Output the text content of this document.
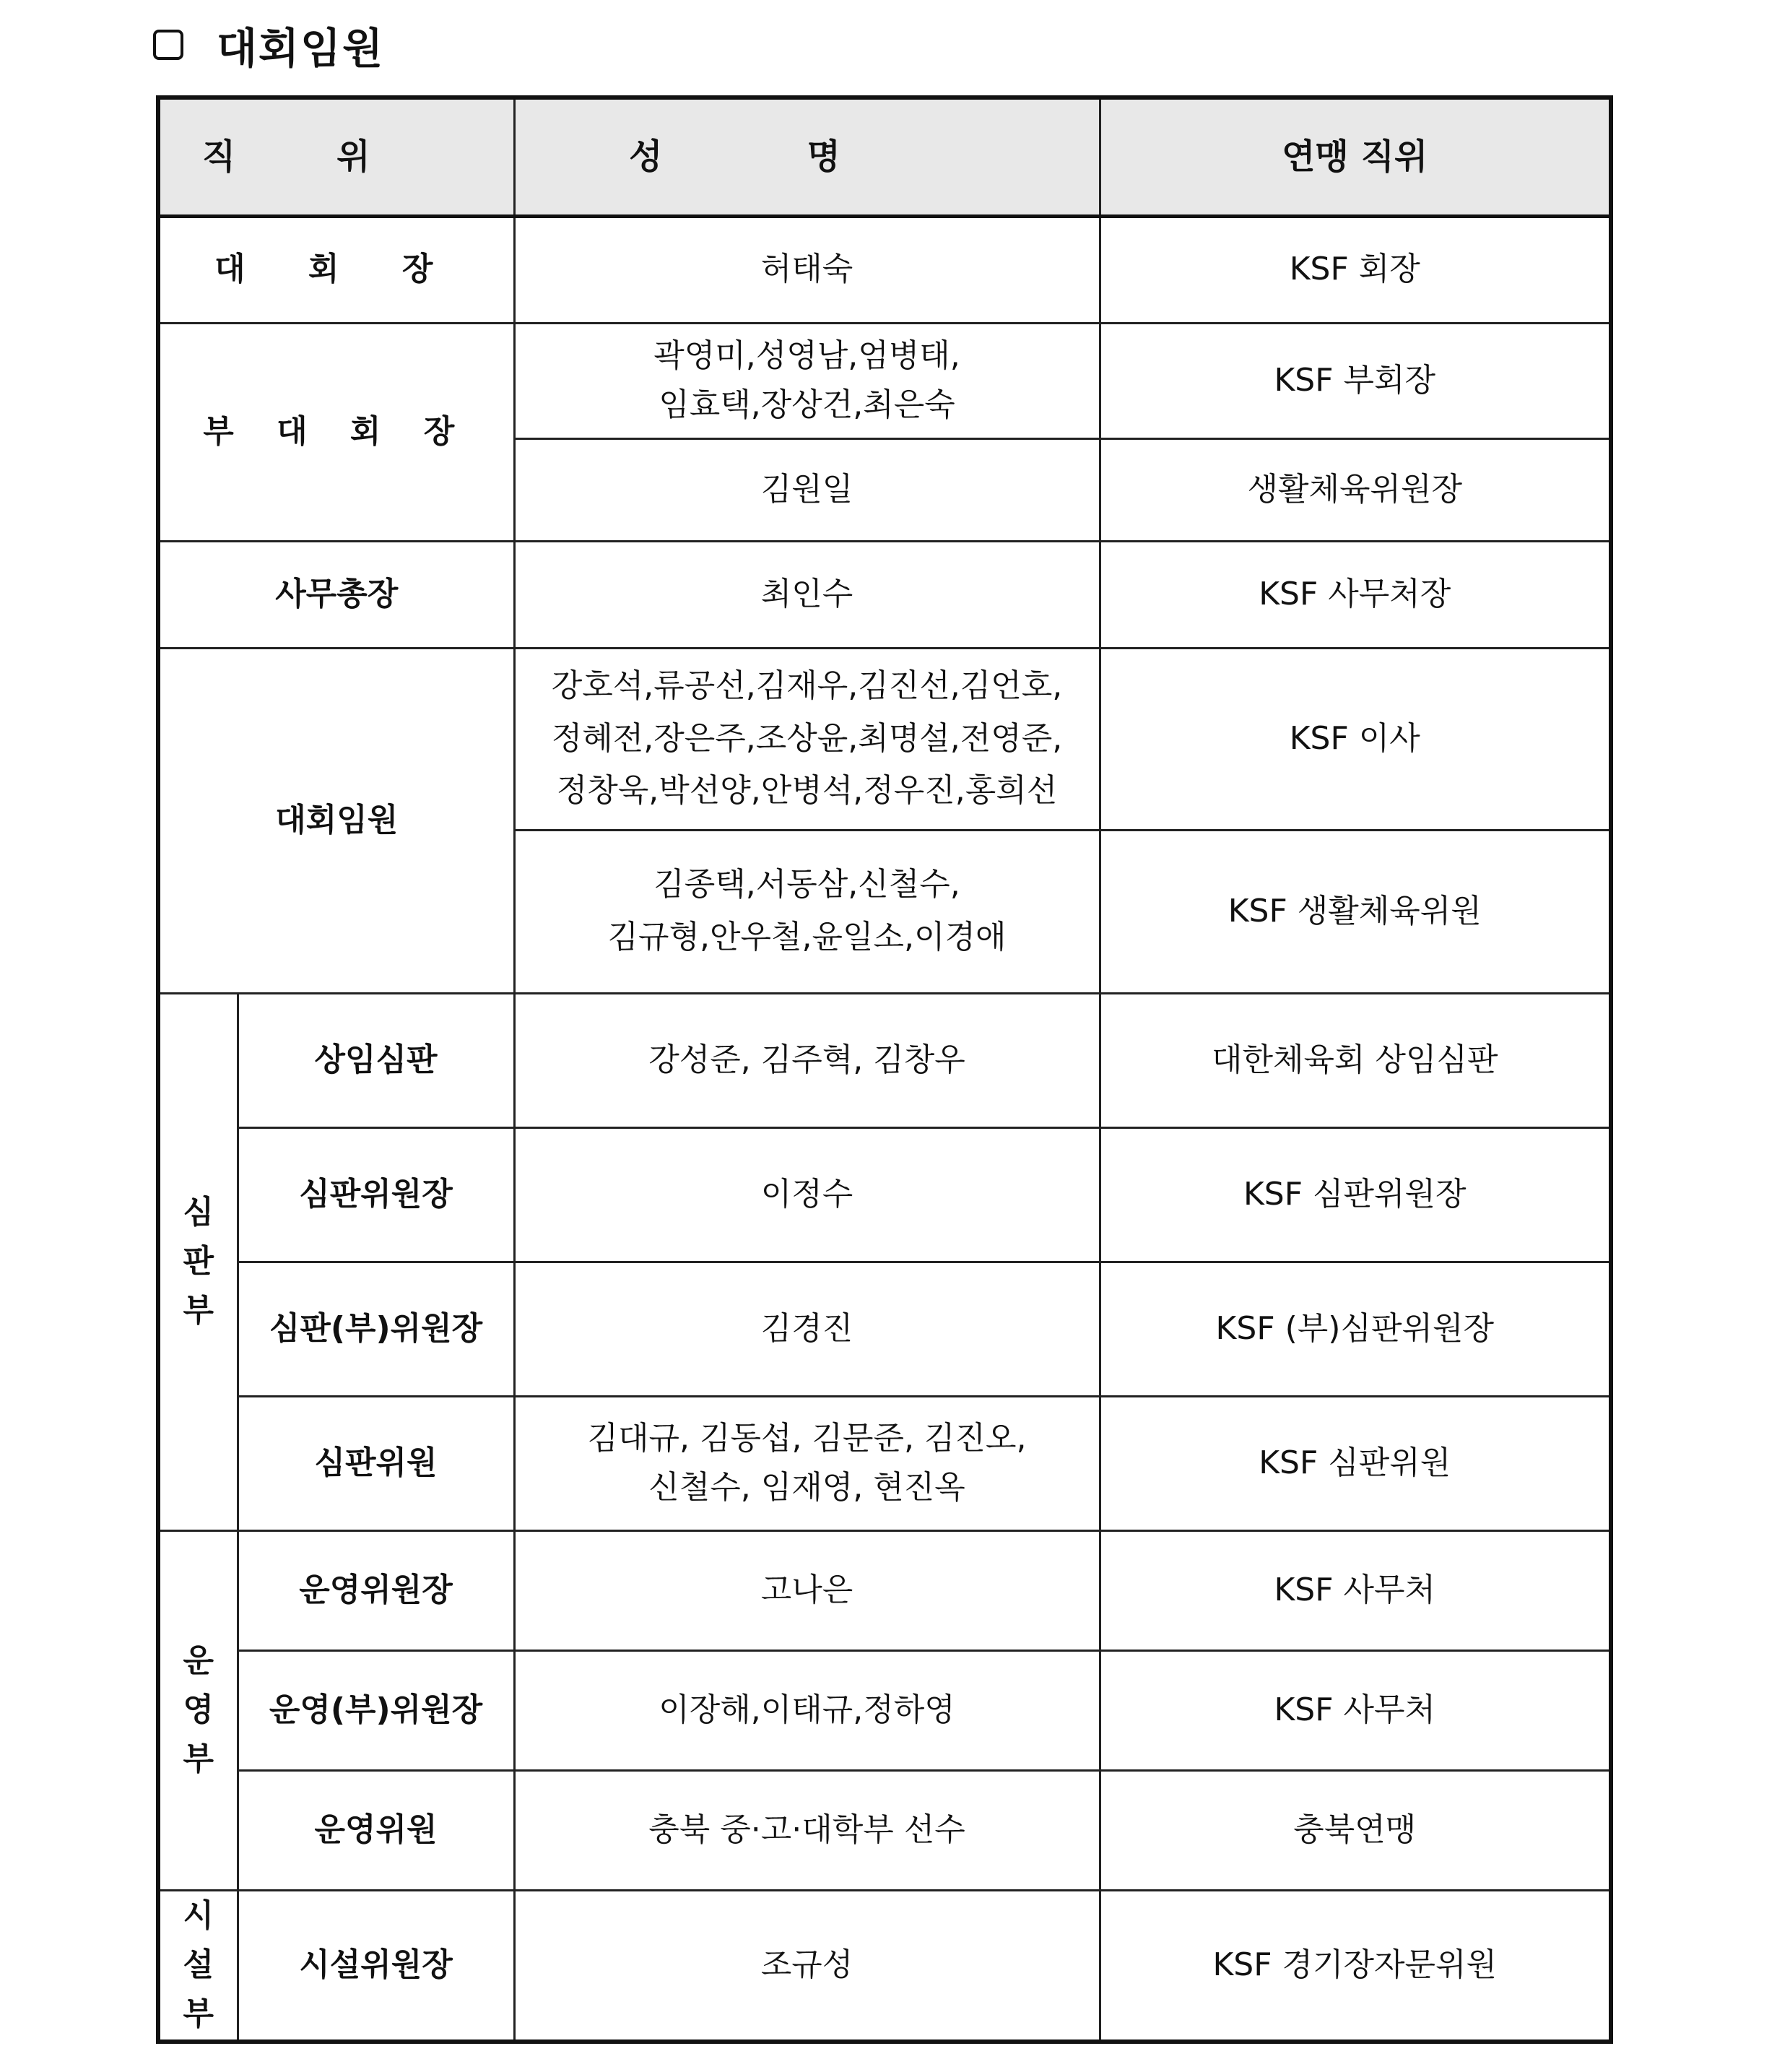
대회임원
직위		성명	연맹 직위
대 회 장		허태숙	KSF 회장
부 대 회 장		곽영미,성영남,엄병태,
임효택,장상건,최은숙	KSF 부회장

		김원일	생활체육위원장
사무총장		최인수	KSF 사무처장
대회임원		강호석,류공선,김재우,김진선,김언호,
정혜전,장은주,조상윤,최명설,전영준,
정창욱,박선양,안병석,정우진,홍희선	KSF 이사

		김종택,서동삼,신철수,
김규형,안우철,윤일소,이경애	KSF 생활체육위원

심판부	상임심판	강성준, 김주혁, 김창우	대한체육회 상임심판
	심판위원장	이정수	KSF 심판위원장
	심판(부)위원장	김경진	KSF (부)심판위원장
	심판위원	김대규, 김동섭, 김문준, 김진오,
신철수, 임재영, 현진옥	KSF 심판위원

운영부	운영위원장	고나은	KSF 사무처
	운영(부)위원장	이장해,이태규,정하영	KSF 사무처
	운영위원	충북 중·고·대학부 선수	충북연맹

시설부	시설위원장	조규성	KSF 경기장자문위원
